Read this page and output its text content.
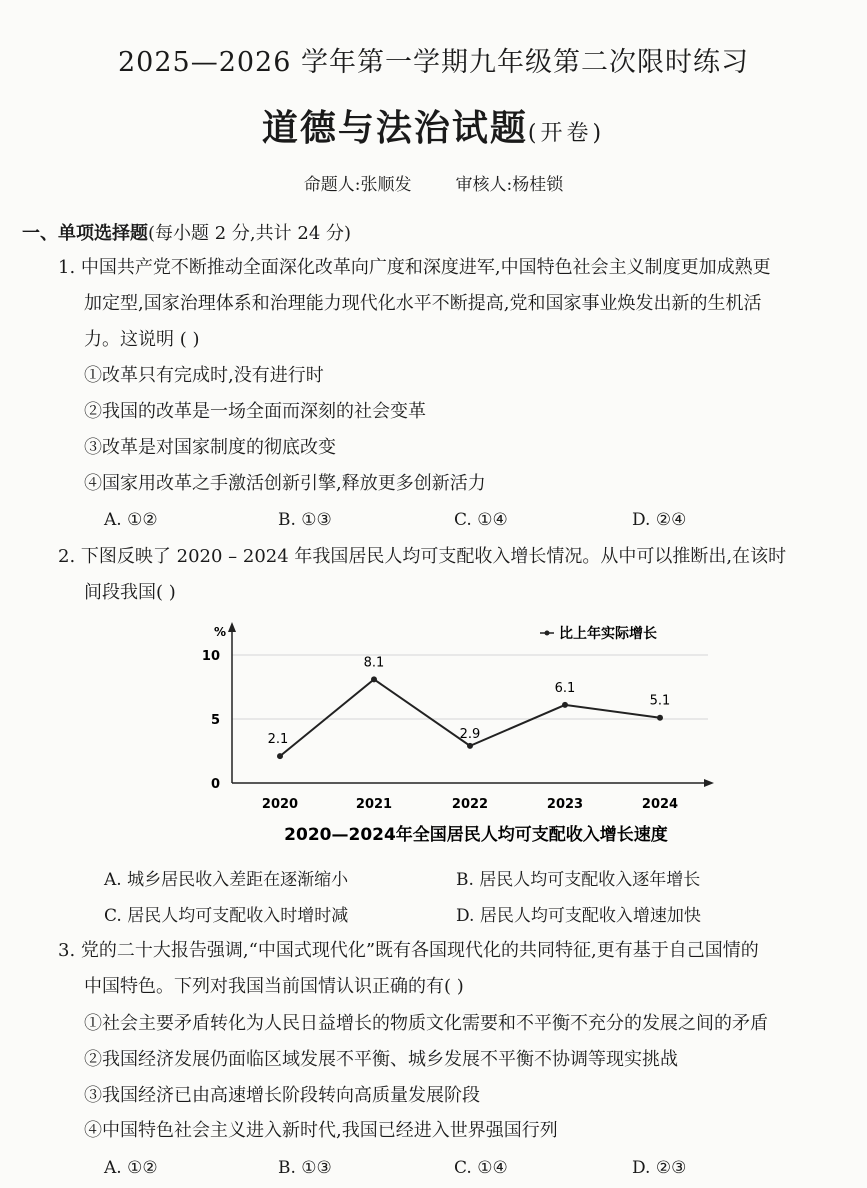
2025—2026 学年第一学期九年级第二次限时练习
道德与法治试题(开卷)
命题人:张顺发	审核人:杨桂锁
一、单项选择题(每小题 2 分,共计 24 分)
1. 中国共产党不断推动全面深化改革向广度和深度进军,中国特色社会主义制度更加成熟更
加定型,国家治理体系和治理能力现代化水平不断提高,党和国家事业焕发出新的生机活
力。这说明 ( )
①改革只有完成时,没有进行时
②我国的改革是一场全面而深刻的社会变革
③改革是对国家制度的彻底改变
④国家用改革之手激活创新引擎,释放更多创新活力
A. ①②	B. ①③	C. ①④	D. ②④
2. 下图反映了 2020 – 2024 年我国居民人均可支配收入增长情况。从中可以推断出,在该时
间段我国( )
0
5
10
%	比上年实际增长
2020	2021	2022	2023	2024
2.1
8.1
2.9
6.1
5.1
2020—2024年全国居民人均可支配收入增长速度
A. 城乡居民收入差距在逐渐缩小	B. 居民人均可支配收入逐年增长
C. 居民人均可支配收入时增时减	D. 居民人均可支配收入增速加快
3. 党的二十大报告强调,“中国式现代化”既有各国现代化的共同特征,更有基于自己国情的
中国特色。下列对我国当前国情认识正确的有( )
①社会主要矛盾转化为人民日益增长的物质文化需要和不平衡不充分的发展之间的矛盾
②我国经济发展仍面临区域发展不平衡、城乡发展不平衡不协调等现实挑战
③我国经济已由高速增长阶段转向高质量发展阶段
④中国特色社会主义进入新时代,我国已经进入世界强国行列
A. ①②	B. ①③	C. ①④	D. ②③
